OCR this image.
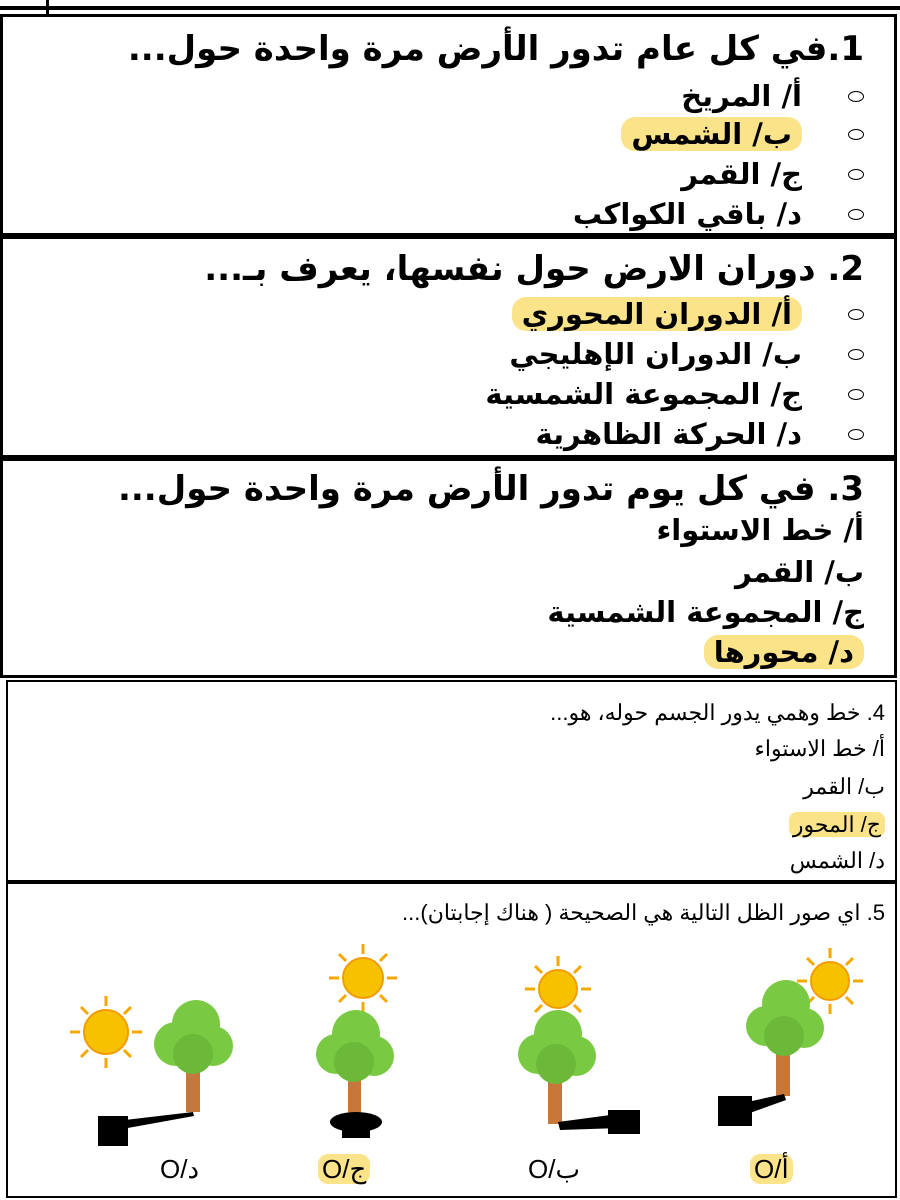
1.في كل عام تدور الأرض مرة واحدة حول...
أ/ المريخ
ب/ الشمس
ج/ القمر
د/ باقي الكواكب
2. دوران الارض حول نفسها، يعرف بـ...
أ/ الدوران المحوري
ب/ الدوران الإهليجي
ج/ المجموعة الشمسية
د/ الحركة الظاهرية
3. في كل يوم تدور الأرض مرة واحدة حول...
أ/ خط الاستواء
ب/ القمر
ج/ المجموعة الشمسية
د/ محورها
4. خط وهمي يدور الجسم حوله، هو...
أ/ خط الاستواء
ب/ القمر
ج/ المحور
د/ الشمس
5. اي صور الظل التالية هي الصحيحة ( هناك إجابتان)...
د/O	ج/O	ب/O	أ/O
